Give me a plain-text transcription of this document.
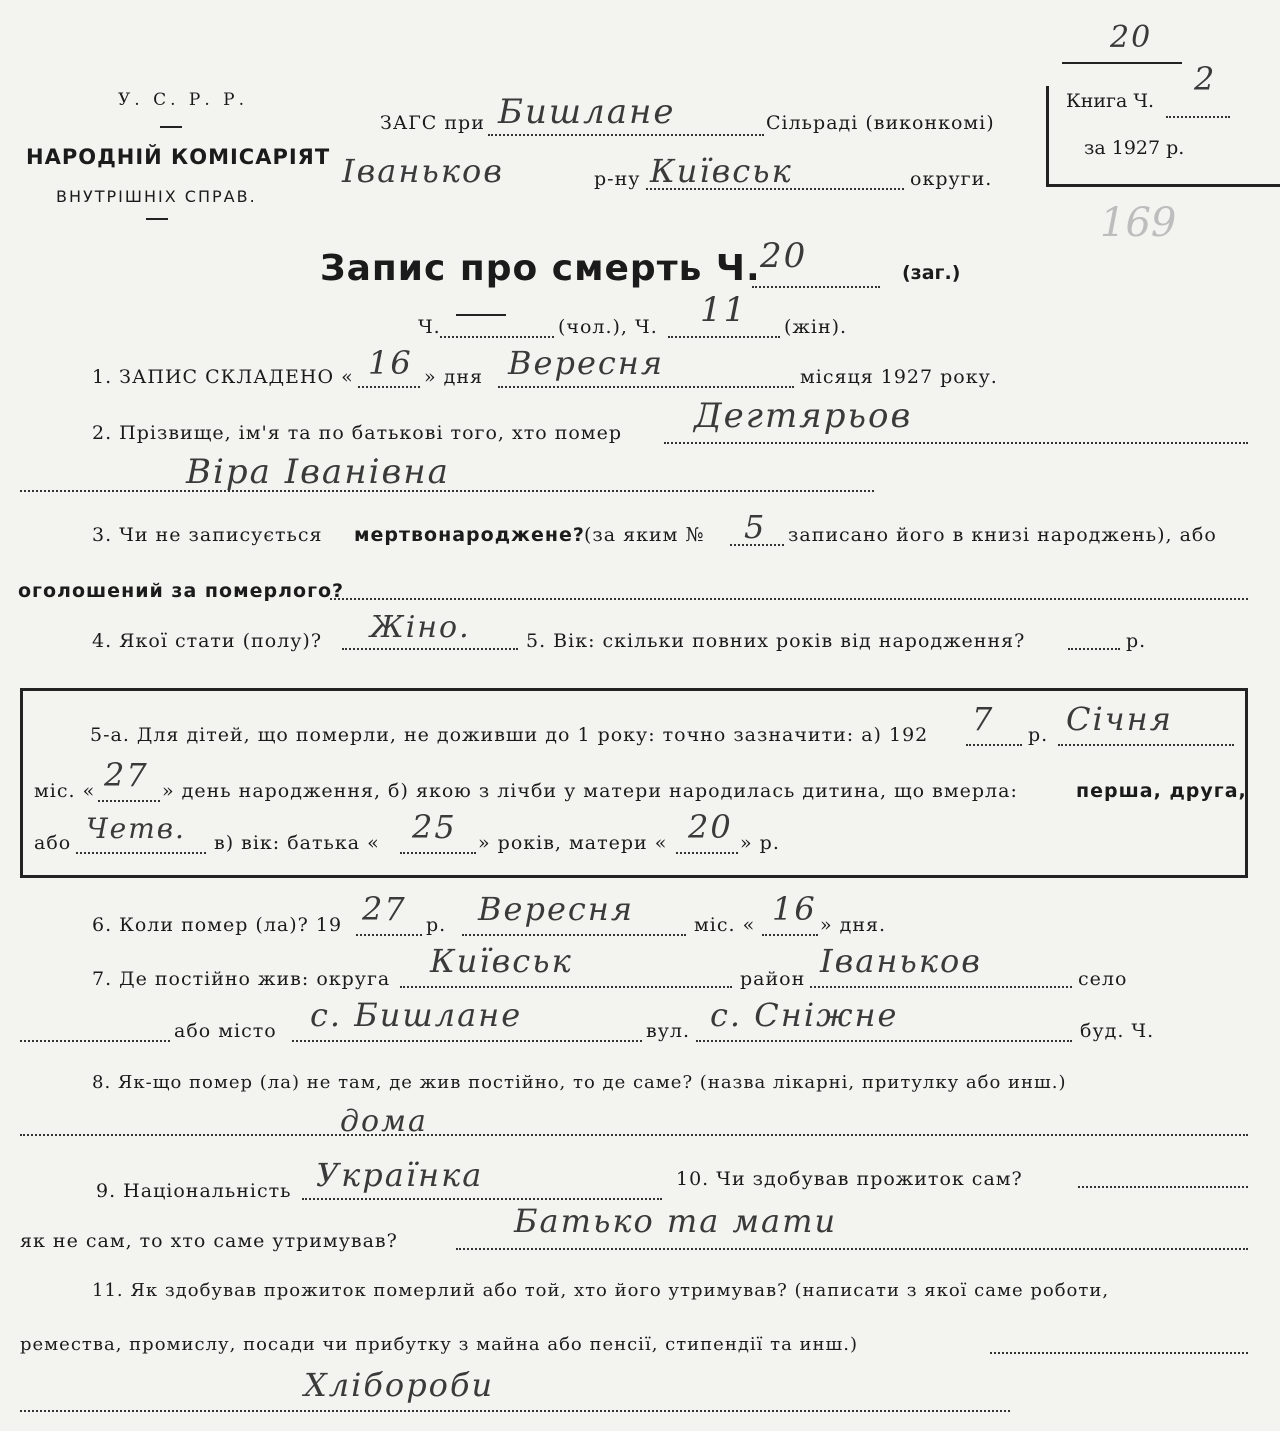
У. С. Р. Р.
НАРОДНІЙ КОМІСАРІЯТ
ВНУТРІШНІХ СПРАВ.
ЗАГС при Бишлане	Сільраді (виконкомі)
Іваньков	р-ну Київськ	округи.
20
Книга Ч.
2
за 1927 р.
169
Запис про смерть Ч. 20	(заг.)
Ч.	(чол.), Ч. 11 (жін).
1. ЗАПИС СКЛАДЕНО « 16 » дня Вересня	місяця 1927 року.
2. Прізвище, ім'я та по батькові того, хто помер Дегтярьов
Віра Іванівна
3. Чи не записується мертвонароджене? (за яким № 5 записано його в книзі народжень), або
оголошений за померлого?
4. Якої стати (полу)? Жіно.	5. Вік: скільки повних років від народження?	р.
5-а. Для дітей, що померли, не доживши до 1 року: точно зазначити: а) 192 7 р. Січня
міс. « 27 » день народження, б) якою з лічби у матери народилась дитина, що вмерла:	перша, друга,
або Четв. в) вік: батька « 25 » років, матери « 20 » р.
6. Коли помер (ла)? 19 27 р. Вересня	міс. « 16 » дня.
7. Де постійно жив: округа Київськ	район Іваньков	село
або місто с. Бишлане	вул. с. Сніжне	буд. Ч.
8. Як-що помер (ла) не там, де жив постійно, то де саме? (назва лікарні, притулку або инш.)
дома
9. Національність Українка	10. Чи здобував прожиток сам?
як не сам, то хто саме утримував?
Батько та мати
11. Як здобував прожиток померлий або той, хто його утримував? (написати з якої саме роботи,
ремества, промислу, посади чи прибутку з майна або пенсії, стипендії та инш.)
Хлібороби
